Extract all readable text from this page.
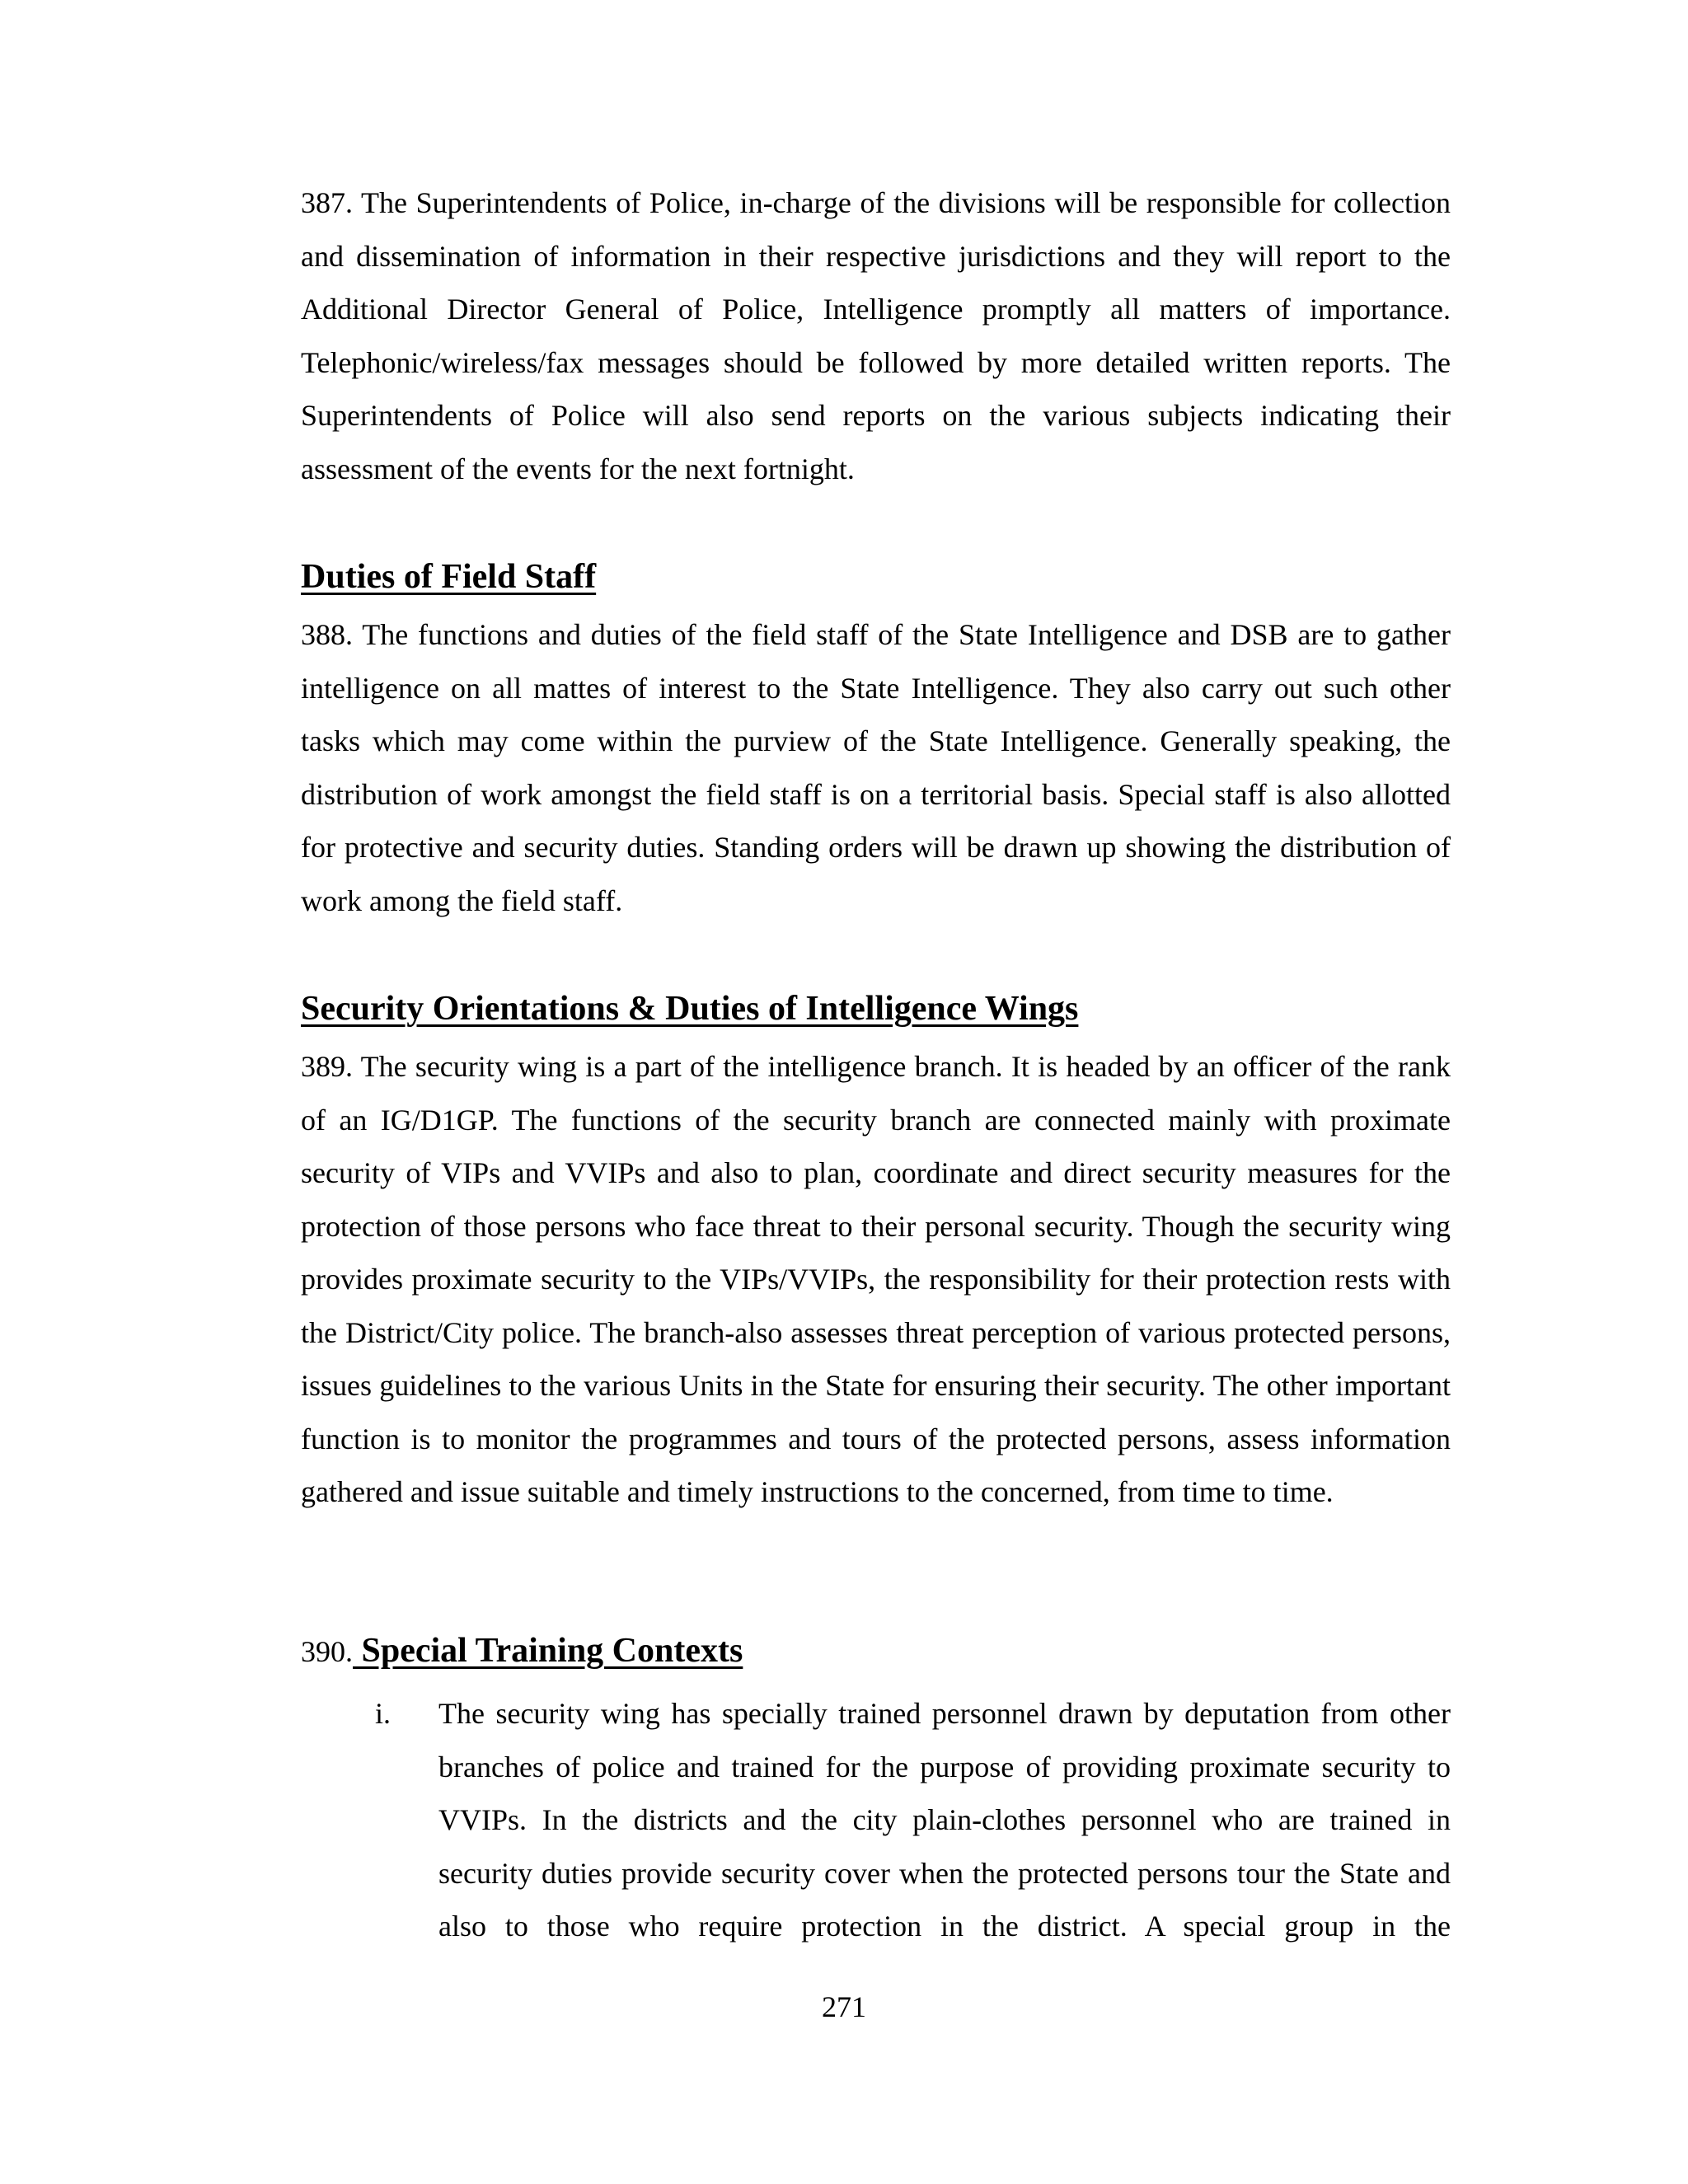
387. The Superintendents of Police, in-charge of the divisions will be responsible for collection and dissemination of information in their respective jurisdictions and they will report to the Additional Director General of Police, Intelligence promptly all matters of importance. Telephonic/wireless/fax messages should be followed by more detailed written reports. The Superintendents of Police will also send reports on the various subjects indicating their assessment of the events for the next fortnight.

Duties of Field Staff

388. The functions and duties of the field staff of the State Intelligence and DSB are to gather intelligence on all mattes of interest to the State Intelligence. They also carry out such other tasks which may come within the purview of the State Intelligence. Generally speaking, the distribution of work amongst the field staff is on a territorial basis. Special staff is also allotted for protective and security duties. Standing orders will be drawn up showing the distribution of work among the field staff.

Security Orientations & Duties of Intelligence Wings

389. The security wing is a part of the intelligence branch. It is headed by an officer of the rank of an IG/D1GP. The functions of the security branch are connected mainly with proximate security of VIPs and VVIPs and also to plan, coordinate and direct security measures for the protection of those persons who face threat to their personal security. Though the security wing provides proximate security to the VIPs/VVIPs, the responsibility for their protection rests with the District/City police. The branch-also assesses threat perception of various protected persons, issues guidelines to the various Units in the State for ensuring their security. The other important function is to monitor the programmes and tours of the protected persons, assess information gathered and issue suitable and timely instructions to the concerned, from time to time.

390. Special Training Contexts
i. The security wing has specially trained personnel drawn by deputation from other branches of police and trained for the purpose of providing proximate security to VVIPs. In the districts and the city plain-clothes personnel who are trained in security duties provide security cover when the protected persons tour the State and also to those who require protection in the district. A special group in the

271
